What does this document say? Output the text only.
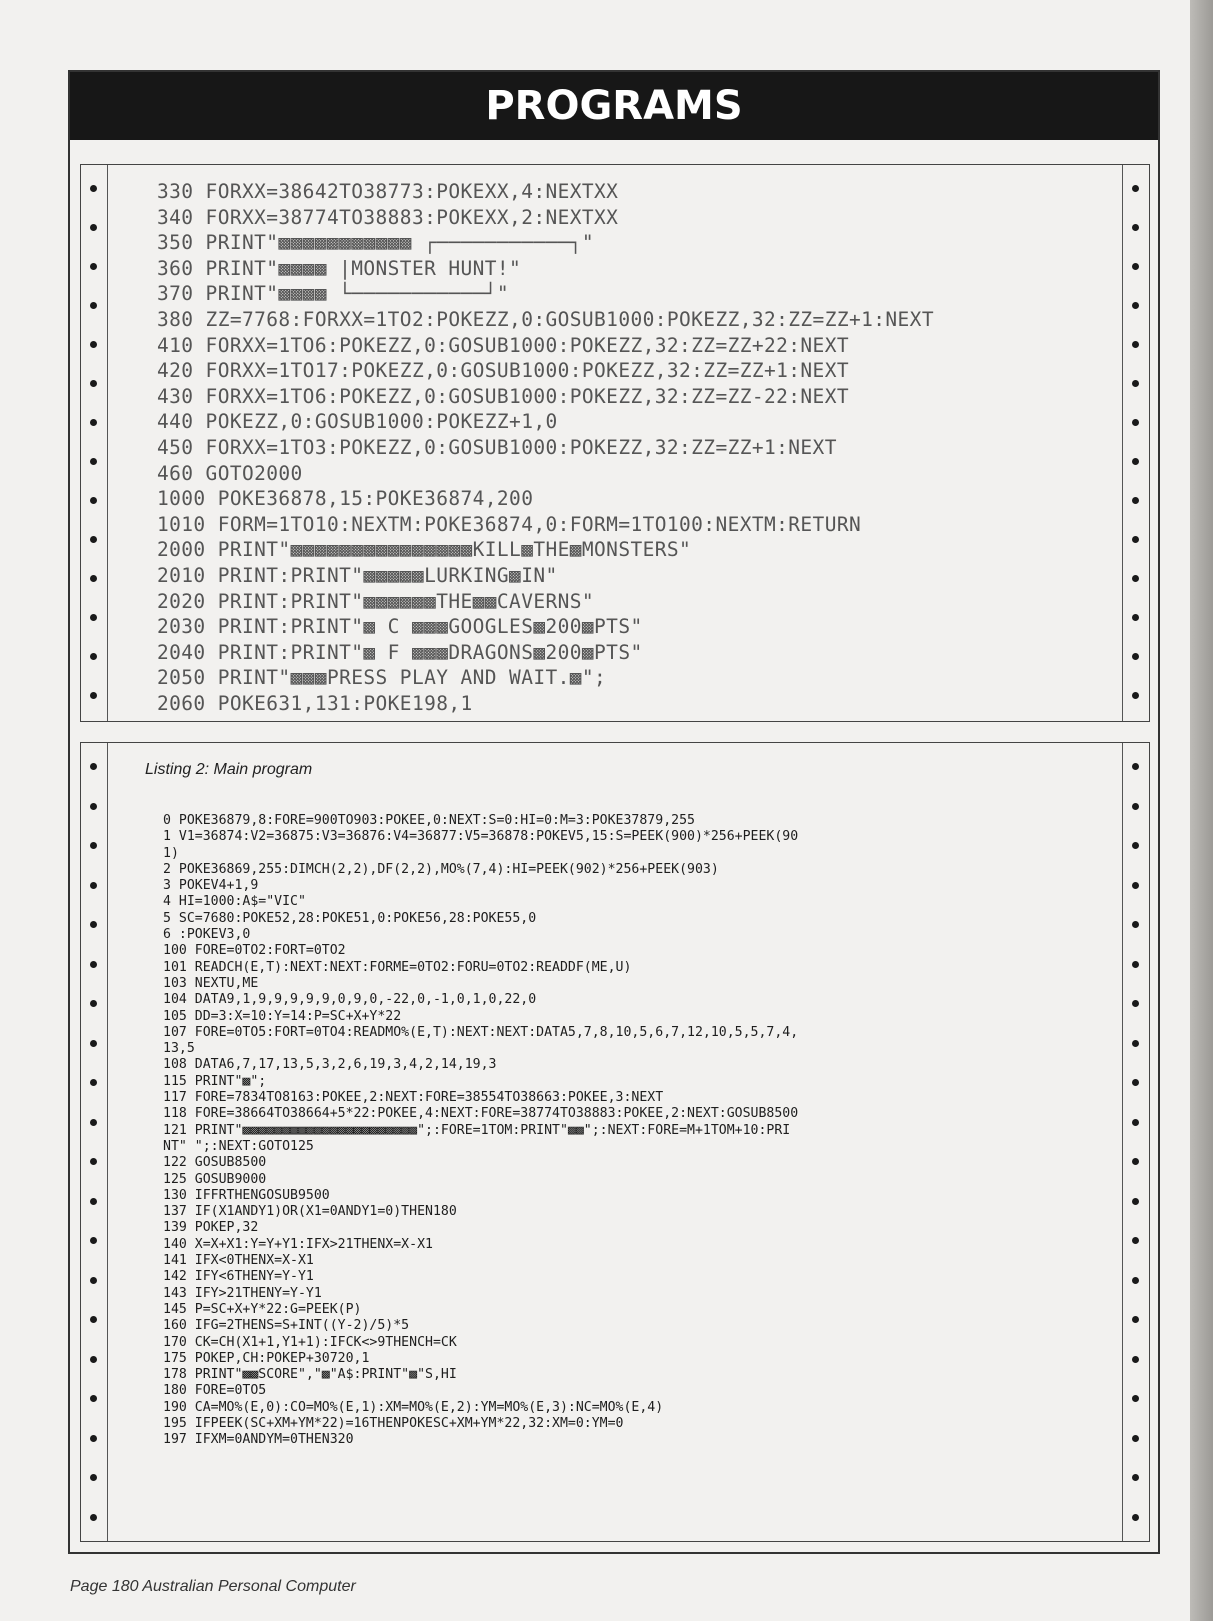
PROGRAMS
330 FORXX=38642TO38773:POKEXX,4:NEXTXX
340 FORXX=38774TO38883:POKEXX,2:NEXTXX
350 PRINT"▩▩▩▩▩▩▩▩▩▩▩ ┌───────────┐"
360 PRINT"▩▩▩▩ |MONSTER HUNT!"
370 PRINT"▩▩▩▩ └───────────┘"
380 ZZ=7768:FORXX=1TO2:POKEZZ,0:GOSUB1000:POKEZZ,32:ZZ=ZZ+1:NEXT
410 FORXX=1TO6:POKEZZ,0:GOSUB1000:POKEZZ,32:ZZ=ZZ+22:NEXT
420 FORXX=1TO17:POKEZZ,0:GOSUB1000:POKEZZ,32:ZZ=ZZ+1:NEXT
430 FORXX=1TO6:POKEZZ,0:GOSUB1000:POKEZZ,32:ZZ=ZZ-22:NEXT
440 POKEZZ,0:GOSUB1000:POKEZZ+1,0
450 FORXX=1TO3:POKEZZ,0:GOSUB1000:POKEZZ,32:ZZ=ZZ+1:NEXT
460 GOTO2000
1000 POKE36878,15:POKE36874,200
1010 FORM=1TO10:NEXTM:POKE36874,0:FORM=1TO100:NEXTM:RETURN
2000 PRINT"▩▩▩▩▩▩▩▩▩▩▩▩▩▩▩KILL▩THE▩MONSTERS"
2010 PRINT:PRINT"▩▩▩▩▩LURKING▩IN"
2020 PRINT:PRINT"▩▩▩▩▩▩THE▩▩CAVERNS"
2030 PRINT:PRINT"▩ C ▩▩▩GOOGLES▩200▩PTS"
2040 PRINT:PRINT"▩ F ▩▩▩DRAGONS▩200▩PTS"
2050 PRINT"▩▩▩PRESS PLAY AND WAIT.▩";
2060 POKE631,131:POKE198,1
Listing 2: Main program
0 POKE36879,8:FORE=900TO903:POKEE,0:NEXT:S=0:HI=0:M=3:POKE37879,255
1 V1=36874:V2=36875:V3=36876:V4=36877:V5=36878:POKEV5,15:S=PEEK(900)*256+PEEK(90
1)
2 POKE36869,255:DIMCH(2,2),DF(2,2),MO%(7,4):HI=PEEK(902)*256+PEEK(903)
3 POKEV4+1,9
4 HI=1000:A$="VIC"
5 SC=7680:POKE52,28:POKE51,0:POKE56,28:POKE55,0
6 :POKEV3,0
100 FORE=0TO2:FORT=0TO2
101 READCH(E,T):NEXT:NEXT:FORME=0TO2:FORU=0TO2:READDF(ME,U)
103 NEXTU,ME
104 DATA9,1,9,9,9,9,9,0,9,0,-22,0,-1,0,1,0,22,0
105 DD=3:X=10:Y=14:P=SC+X+Y*22
107 FORE=0TO5:FORT=0TO4:READMO%(E,T):NEXT:NEXT:DATA5,7,8,10,5,6,7,12,10,5,5,7,4,
13,5
108 DATA6,7,17,13,5,3,2,6,19,3,4,2,14,19,3
115 PRINT"▩";
117 FORE=7834TO8163:POKEE,2:NEXT:FORE=38554TO38663:POKEE,3:NEXT
118 FORE=38664TO38664+5*22:POKEE,4:NEXT:FORE=38774TO38883:POKEE,2:NEXT:GOSUB8500
121 PRINT"▩▩▩▩▩▩▩▩▩▩▩▩▩▩▩▩▩▩▩▩▩▩";:FORE=1TOM:PRINT"▩▩";:NEXT:FORE=M+1TOM+10:PRI
NT" ";:NEXT:GOTO125
122 GOSUB8500
125 GOSUB9000
130 IFFRTHENGOSUB9500
137 IF(X1ANDY1)OR(X1=0ANDY1=0)THEN180
139 POKEP,32
140 X=X+X1:Y=Y+Y1:IFX>21THENX=X-X1
141 IFX<0THENX=X-X1
142 IFY<6THENY=Y-Y1
143 IFY>21THENY=Y-Y1
145 P=SC+X+Y*22:G=PEEK(P)
160 IFG=2THENS=S+INT((Y-2)/5)*5
170 CK=CH(X1+1,Y1+1):IFCK<>9THENCH=CK
175 POKEP,CH:POKEP+30720,1
178 PRINT"▩▩SCORE","▩"A$:PRINT"▩"S,HI
180 FORE=0TO5
190 CA=MO%(E,0):CO=MO%(E,1):XM=MO%(E,2):YM=MO%(E,3):NC=MO%(E,4)
195 IFPEEK(SC+XM+YM*22)=16THENPOKESC+XM+YM*22,32:XM=0:YM=0
197 IFXM=0ANDYM=0THEN320
Page 180 Australian Personal Computer
